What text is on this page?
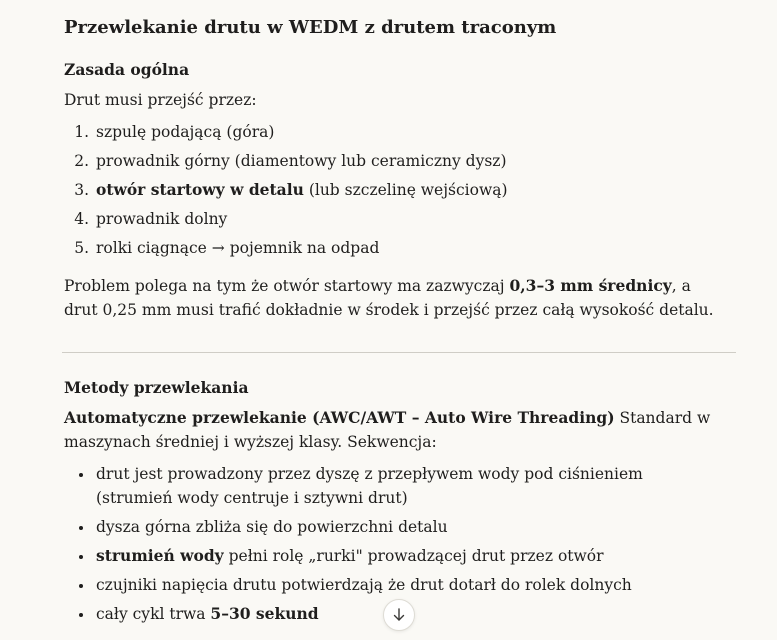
Przewlekanie drutu w WEDM z drutem traconym
Zasada ogólna

Drut musi przejść przez:

1. szpulę podającą (góra)
2. prowadnik górny (diamentowy lub ceramiczny dysz)
3. otwór startowy w detalu (lub szczelinę wejściową)
4. prowadnik dolny
5. rolki ciągnące → pojemnik na odpad

Problem polega na tym że otwór startowy ma zazwyczaj 0,3–3 mm średnicy, a drut 0,25 mm musi trafić dokładnie w środek i przejść przez całą wysokość detalu.

Metody przewlekania

Automatyczne przewlekanie (AWC/AWT – Auto Wire Threading) Standard w maszynach średniej i wyższej klasy. Sekwencja:

• drut jest prowadzony przez dyszę z przepływem wody pod ciśnieniem (strumień wody centruje i sztywni drut)
• dysza górna zbliża się do powierzchni detalu
• strumień wody pełni rolę „rurki" prowadzącej drut przez otwór
• czujniki napięcia drutu potwierdzają że drut dotarł do rolek dolnych
• cały cykl trwa 5–30 sekund
